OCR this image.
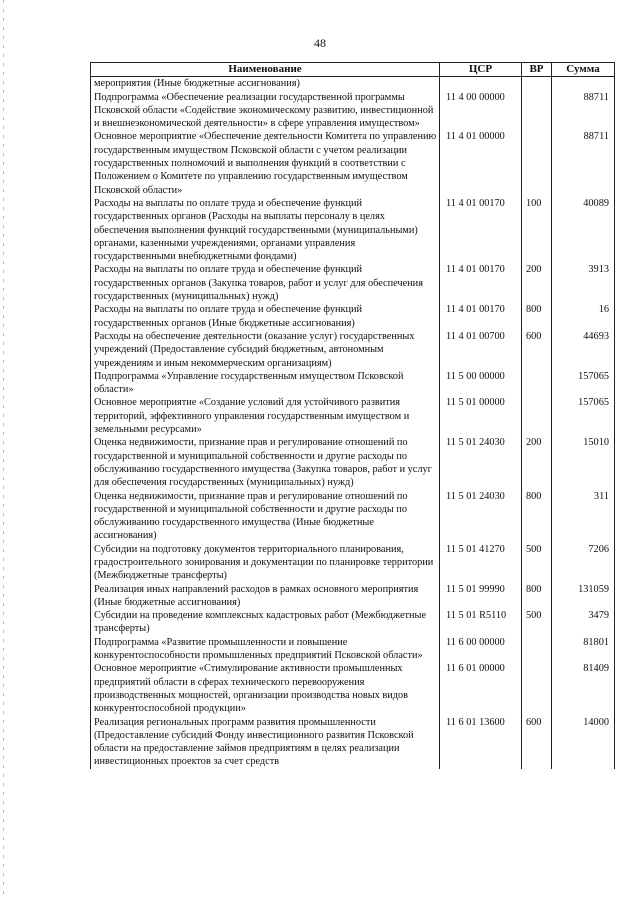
48
Наименование	ЦСР	ВР	Сумма
мероприятия (Иные бюджетные ассигнования)			
Подпрограмма «Обеспечение реализации государственной программы Псковской области «Содействие экономическому развитию, инвестиционной и внешнеэкономической деятельности» в сфере управления имуществом»	11 4 00 00000		88711
Основное мероприятие «Обеспечение деятельности Комитета по управлению государственным имуществом Псковской области с учетом реализации государственных полномочий и выполнения функций в соответствии с Положением о Комитете по управлению государственным имуществом Псковской области»	11 4 01 00000		88711
Расходы на выплаты по оплате труда и обеспечение функций государственных органов (Расходы на выплаты персоналу в целях обеспечения выполнения функций государственными (муниципальными) органами, казенными учреждениями, органами управления государственными внебюджетными фондами)	11 4 01 00170	100	40089
Расходы на выплаты по оплате труда и обеспечение функций государственных органов (Закупка товаров, работ и услуг для обеспечения государственных (муниципальных) нужд)	11 4 01 00170	200	3913
Расходы на выплаты по оплате труда и обеспечение функций государственных органов (Иные бюджетные ассигнования)	11 4 01 00170	800	16
Расходы на обеспечение деятельности (оказание услуг) государственных учреждений (Предоставление субсидий бюджетным, автономным учреждениям и иным некоммерческим организациям)	11 4 01 00700	600	44693
Подпрограмма «Управление государственным имуществом Псковской области»	11 5 00 00000		157065
Основное мероприятие «Создание условий для устойчивого развития территорий, эффективного управления государственным имуществом и земельными ресурсами»	11 5 01 00000		157065
Оценка недвижимости, признание прав и регулирование отношений по государственной и муниципальной собственности и другие расходы по обслуживанию государственного имущества (Закупка товаров, работ и услуг для обеспечения государственных (муниципальных) нужд)	11 5 01 24030	200	15010
Оценка недвижимости, признание прав и регулирование отношений по государственной и муниципальной собственности и другие расходы по обслуживанию государственного имущества (Иные бюджетные ассигнования)	11 5 01 24030	800	311
Субсидии на подготовку документов территориального планирования, градостроительного зонирования и документации по планировке территории (Межбюджетные трансферты)	11 5 01 41270	500	7206
Реализация иных направлений расходов в рамках основного мероприятия (Иные бюджетные ассигнования)	11 5 01 99990	800	131059
Субсидии на проведение комплексных кадастровых работ (Межбюджетные трансферты)	11 5 01 R5110	500	3479
Подпрограмма «Развитие промышленности и повышение конкурентоспособности промышленных предприятий Псковской области»	11 6 00 00000		81801
Основное мероприятие «Стимулирование активности промышленных предприятий области в сферах технического перевооружения производственных мощностей, организации производства новых видов конкурентоспособной продукции»	11 6 01 00000		81409
Реализация региональных программ развития промышленности (Предоставление субсидий Фонду инвестиционного развития Псковской области на предоставление займов предприятиям в целях реализации инвестиционных проектов за счет средств	11 6 01 13600	600	14000
